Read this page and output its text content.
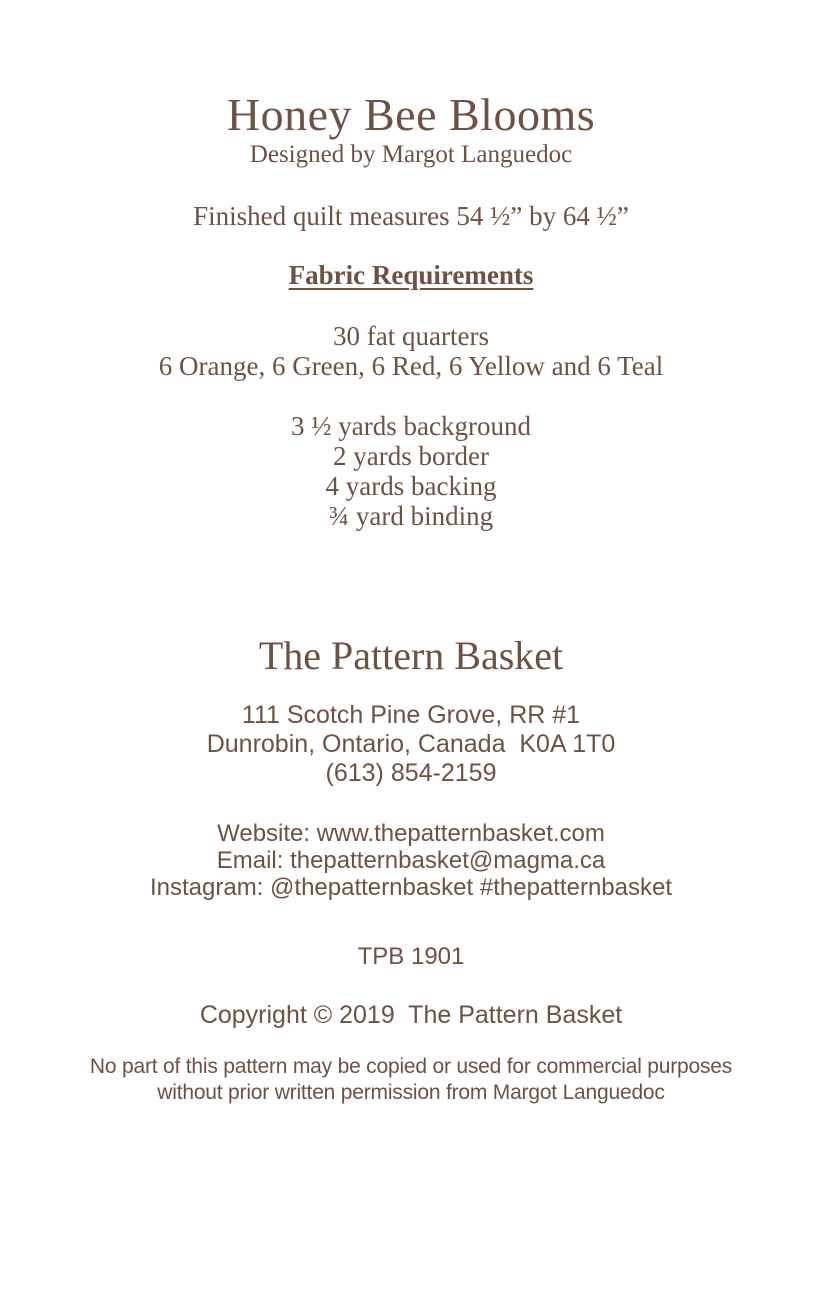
Honey Bee Blooms
Designed by Margot Languedoc
Finished quilt measures 54 ½” by 64 ½”
Fabric Requirements
30 fat quarters
6 Orange, 6 Green, 6 Red, 6 Yellow and 6 Teal
3 ½ yards background
2 yards border
4 yards backing
¾ yard binding
The Pattern Basket
111 Scotch Pine Grove, RR #1
Dunrobin, Ontario, Canada  K0A 1T0
(613) 854-2159
Website: www.thepatternbasket.com
Email: thepatternbasket@magma.ca
Instagram: @thepatternbasket #thepatternbasket
TPB 1901
Copyright © 2019  The Pattern Basket
No part of this pattern may be copied or used for commercial purposes
without prior written permission from Margot Languedoc
